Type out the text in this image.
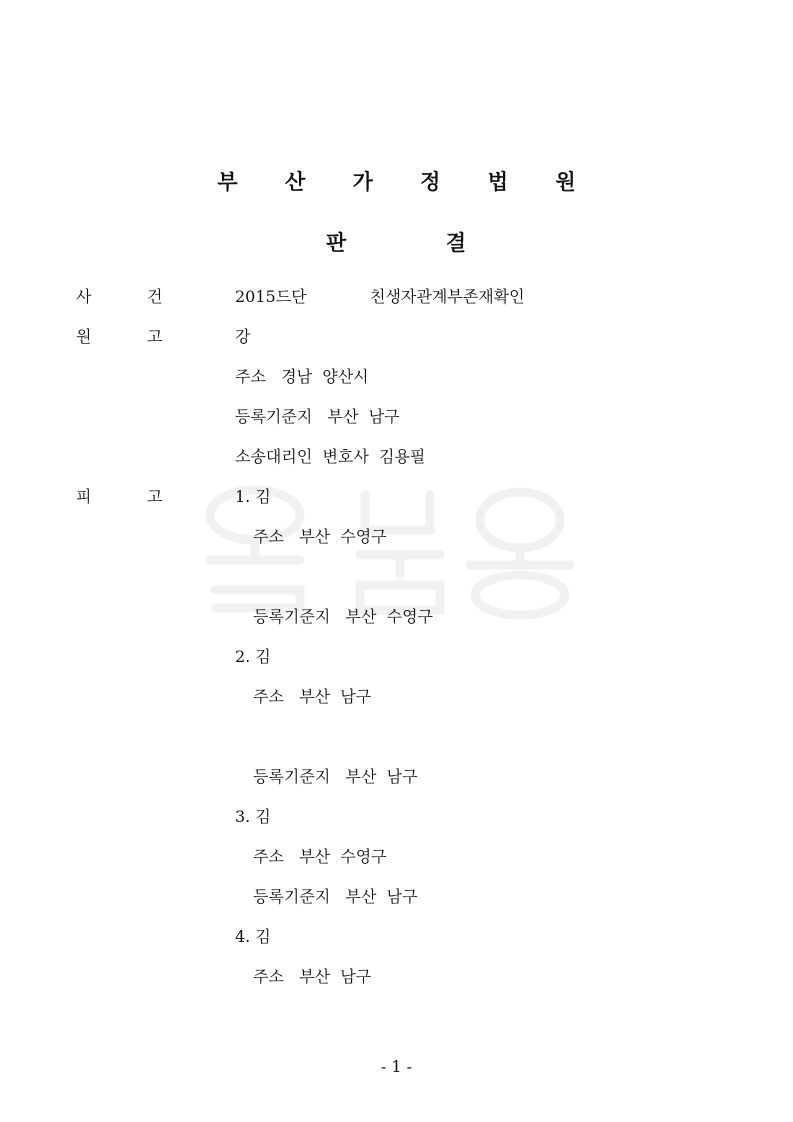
부 산 가 정 법 원
판	결
사	건	2015드단	친생자관계부존재확인
원	고	강
주소   경남  양산시
등록기준지   부산  남구
소송대리인  변호사  김용필
피	고	1. 김
주소   부산  수영구
등록기준지   부산  수영구
2. 김
주소   부산  남구
등록기준지   부산  남구
3. 김
주소   부산  수영구
등록기준지   부산  남구
4. 김
주소   부산  남구
- 1 -
